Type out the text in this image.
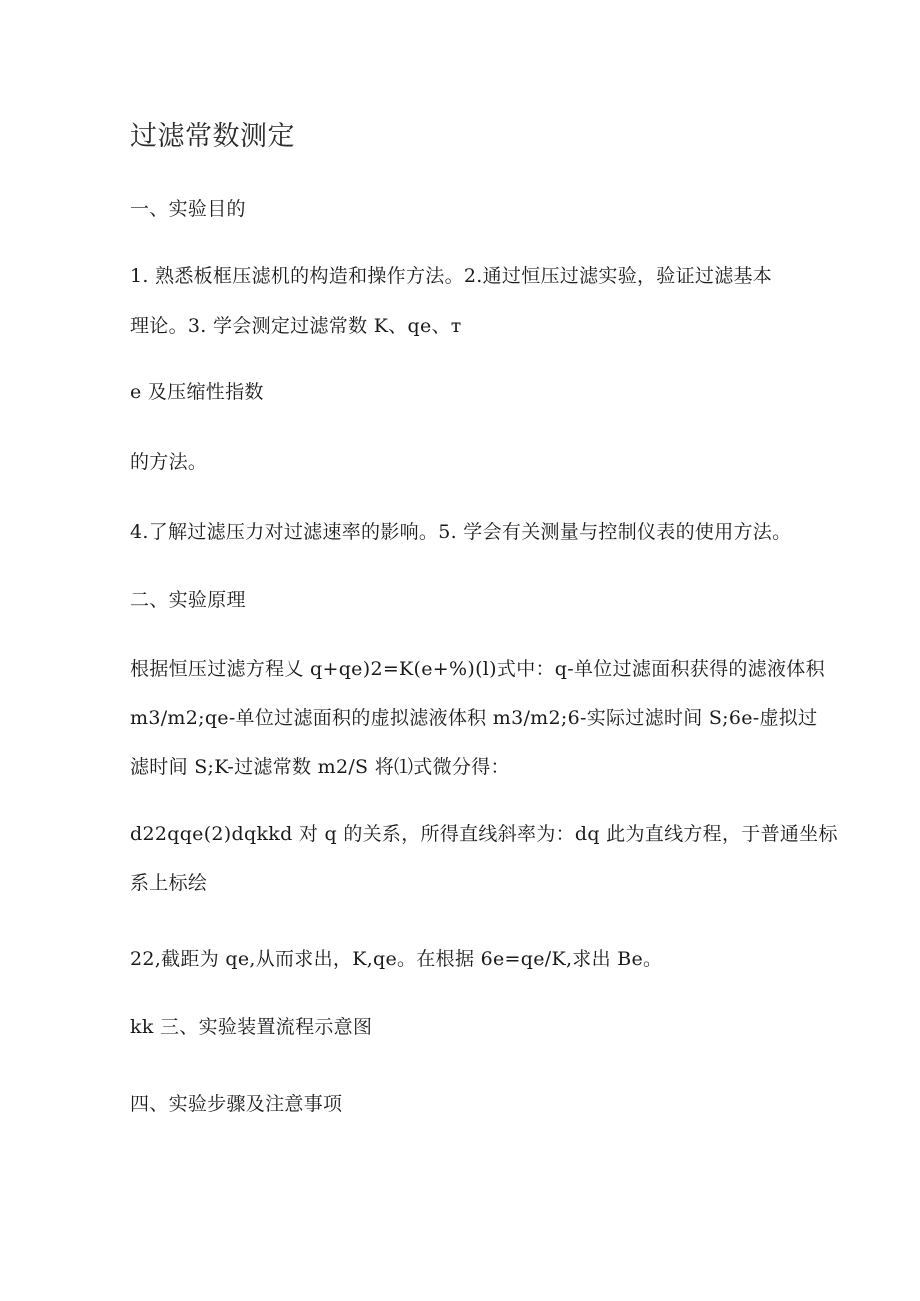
过滤常数测定

一、实验目的

1. 熟悉板框压滤机的构造和操作方法。2.通过恒压过滤实验，验证过滤基本

理论。3. 学会测定过滤常数 K、qe、т

e 及压缩性指数

的方法。

4.了解过滤压力对过滤速率的影响。5. 学会有关测量与控制仪表的使用方法。

二、实验原理

根据恒压过滤方程乂 q+qe)2=K(e+%)(l)式中：q-单位过滤面积获得的滤液体积

m3/m2;qe-单位过滤面积的虚拟滤液体积 m3/m2;6-实际过滤时间 S;6e-虚拟过

滤时间 S;K-过滤常数 m2∕S 将⑴式微分得：

d22qqe(2)dqkkd 对 q 的关系，所得直线斜率为：dq 此为直线方程，于普通坐标

系上标绘

22,截距为 qe,从而求出，K,qe。在根据 6e=qe∕K,求出 Be。

kk 三、实验装置流程示意图

四、实验步骤及注意事项
